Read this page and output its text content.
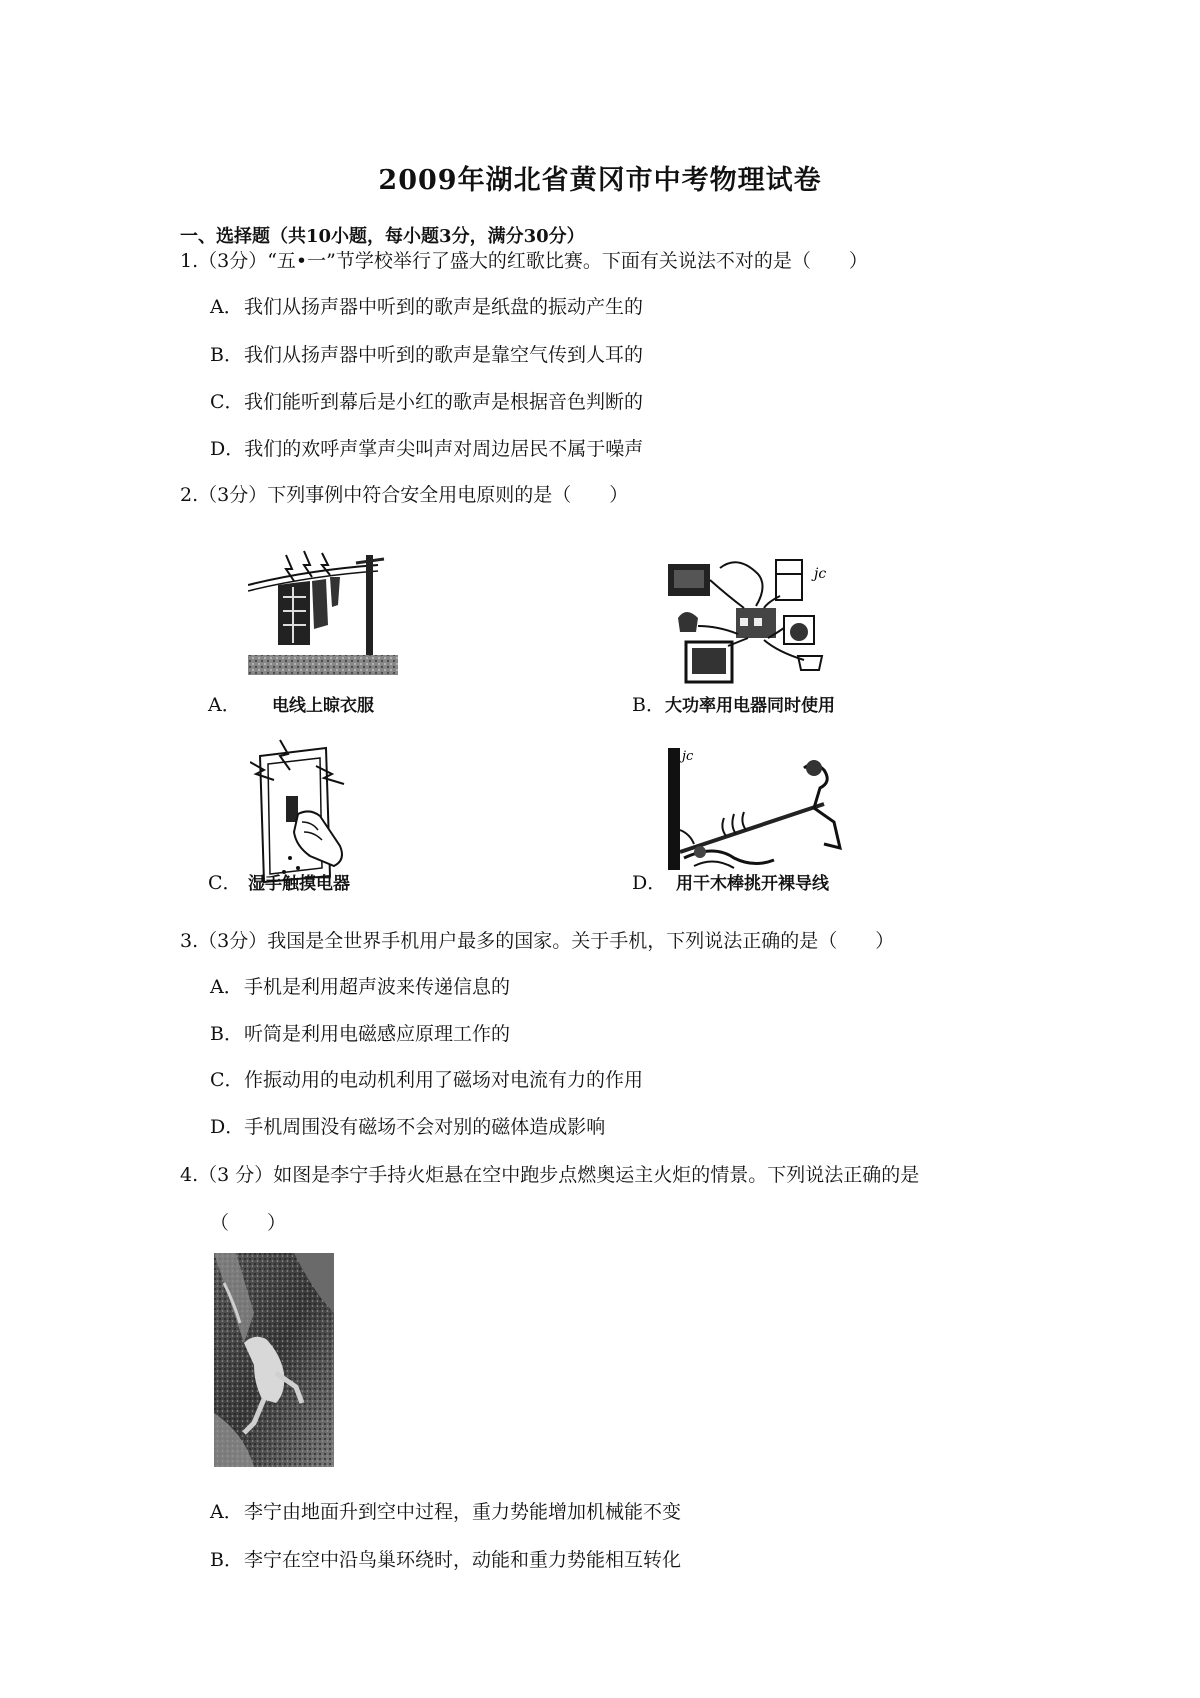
2009年湖北省黄冈市中考物理试卷
一、选择题（共10小题，每小题3分，满分30分）
1.（3分）“五•一”节学校举行了盛大的红歌比赛。下面有关说法不对的是（　　）
A．我们从扬声器中听到的歌声是纸盘的振动产生的
B．我们从扬声器中听到的歌声是靠空气传到人耳的
C．我们能听到幕后是小红的歌声是根据音色判断的
D．我们的欢呼声掌声尖叫声对周边居民不属于噪声
2.（3分）下列事例中符合安全用电原则的是（　　）
A． 电线上晾衣服
jc
B．大功率用电器同时使用
C． 湿手触摸电器
jc
D． 用干木棒挑开裸导线
3.（3分）我国是全世界手机用户最多的国家。关于手机，下列说法正确的是（　　）
A．手机是利用超声波来传递信息的
B．听筒是利用电磁感应原理工作的
C．作振动用的电动机利用了磁场对电流有力的作用
D．手机周围没有磁场不会对别的磁体造成影响
4.（3 分）如图是李宁手持火炬悬在空中跑步点燃奥运主火炬的情景。下列说法正确的是
（　　）
A．李宁由地面升到空中过程，重力势能增加机械能不变
B．李宁在空中沿鸟巢环绕时，动能和重力势能相互转化
